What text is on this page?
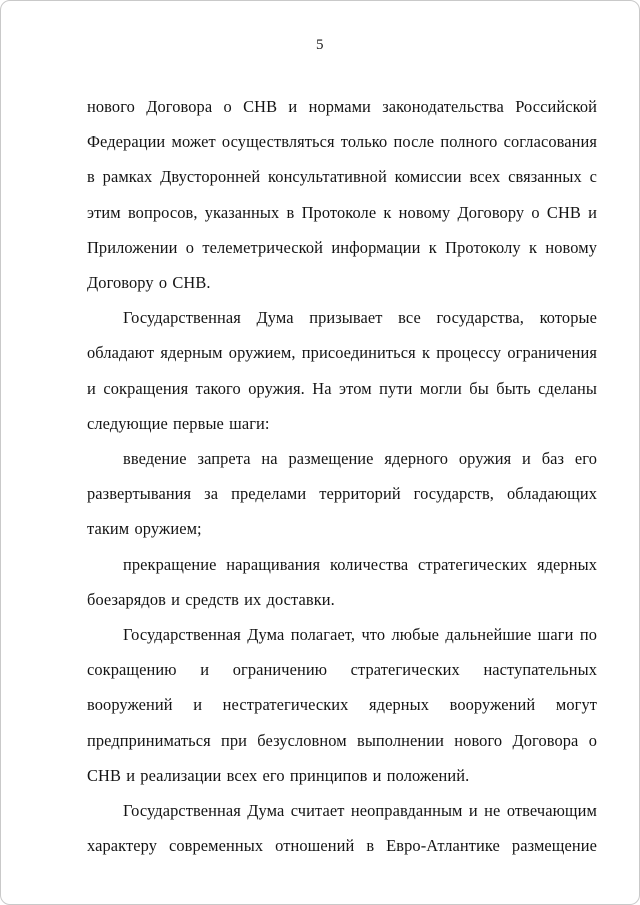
5

нового Договора о СНВ и нормами законодательства Российской Федерации может осуществляться только после полного согласования в рамках Двусторонней консультативной комиссии всех связанных с этим вопросов, указанных в Протоколе к новому Договору о СНВ и Приложении о телеметрической информации к Протоколу к новому Договору о СНВ.

Государственная Дума призывает все государства, которые обладают ядерным оружием, присоединиться к процессу ограничения и сокращения такого оружия. На этом пути могли бы быть сделаны следующие первые шаги:

введение запрета на размещение ядерного оружия и баз его развертывания за пределами территорий государств, обладающих таким оружием;

прекращение наращивания количества стратегических ядерных боезарядов и средств их доставки.

Государственная Дума полагает, что любые дальнейшие шаги по сокращению и ограничению стратегических наступательных вооружений и нестратегических ядерных вооружений могут предприниматься при безусловном выполнении нового Договора о СНВ и реализации всех его принципов и положений.

Государственная Дума считает неоправданным и не отвечающим характеру современных отношений в Евро-Атлантике размещение
